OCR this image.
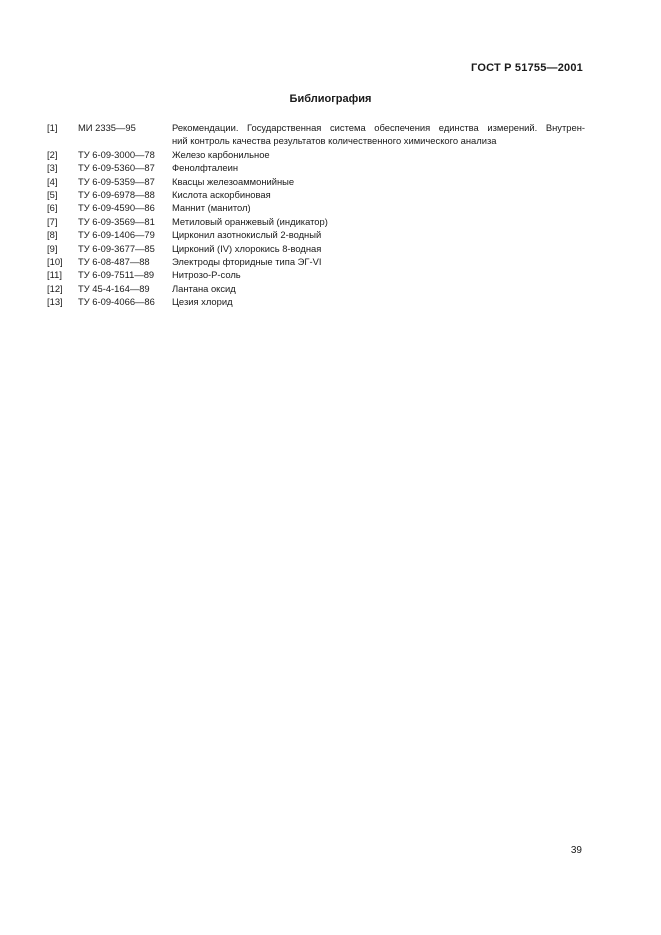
ГОСТ Р 51755—2001
Библиография
[1]	МИ 2335—95	Рекомендации. Государственная система обеспечения единства измерений. Внутрен-
ний контроль качества результатов количественного химического анализа
[2]	ТУ 6-09-3000—78	Железо карбонильное
[3]	ТУ 6-09-5360—87	Фенолфталеин
[4]	ТУ 6-09-5359—87	Квасцы железоаммонийные
[5]	ТУ 6-09-6978—88	Кислота аскорбиновая
[6]	ТУ 6-09-4590—86	Маннит (манитол)
[7]	ТУ 6-09-3569—81	Метиловый оранжевый (индикатор)
[8]	ТУ 6-09-1406—79	Цирконил азотнокислый 2-водный
[9]	ТУ 6-09-3677—85	Цирконий (IV) хлорокись 8-водная
[10]	ТУ 6-08-487—88	Электроды фторидные типа ЭГ-VI
[11]	ТУ 6-09-7511—89	Нитрозо-Р-соль
[12]	ТУ 45-4-164—89	Лантана оксид
[13]	ТУ 6-09-4066—86	Цезия хлорид
39
